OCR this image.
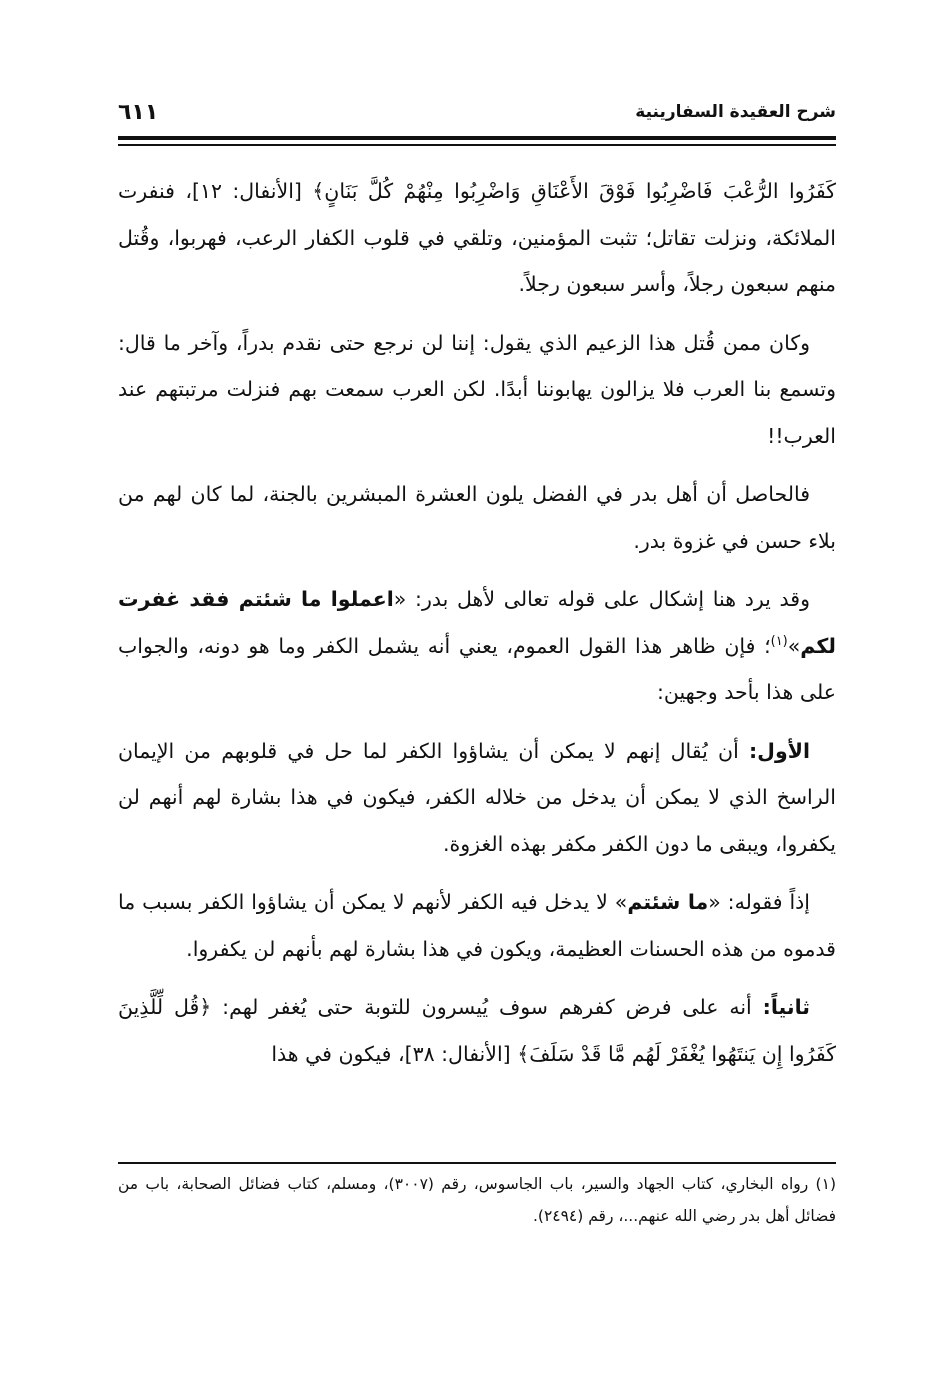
شرح العقيدة السفارينية
٦١١

كَفَرُوا الرُّعْبَ فَاضْرِبُوا فَوْقَ الأَعْنَاقِ وَاضْرِبُوا مِنْهُمْ كُلَّ بَنَانٍ﴾ [الأنفال: ١٢]، فنفرت الملائكة، ونزلت تقاتل؛ تثبت المؤمنين، وتلقي في قلوب الكفار الرعب، فهربوا، وقُتل منهم سبعون رجلاً، وأسر سبعون رجلاً.

وكان ممن قُتل هذا الزعيم الذي يقول: إننا لن نرجع حتى نقدم بدراً، وآخر ما قال: وتسمع بنا العرب فلا يزالون يهابوننا أبدًا. لكن العرب سمعت بهم فنزلت مرتبتهم عند العرب!!

فالحاصل أن أهل بدر في الفضل يلون العشرة المبشرين بالجنة، لما كان لهم من بلاء حسن في غزوة بدر.

وقد يرد هنا إشكال على قوله تعالى لأهل بدر: «اعملوا ما شئتم فقد غفرت لكم»$^{(١)}$؛ فإن ظاهر هذا القول العموم، يعني أنه يشمل الكفر وما هو دونه، والجواب على هذا بأحد وجهين:

الأول: أن يُقال إنهم لا يمكن أن يشاؤوا الكفر لما حل في قلوبهم من الإيمان الراسخ الذي لا يمكن أن يدخل من خلاله الكفر، فيكون في هذا بشارة لهم أنهم لن يكفروا، ويبقى ما دون الكفر مكفر بهذه الغزوة.

إذاً فقوله: «ما شئتم» لا يدخل فيه الكفر لأنهم لا يمكن أن يشاؤوا الكفر بسبب ما قدموه من هذه الحسنات العظيمة، ويكون في هذا بشارة لهم بأنهم لن يكفروا.

ثانياً: أنه على فرض كفرهم سوف يُيسرون للتوبة حتى يُغفر لهم: ﴿قُل لِّلَّذِينَ كَفَرُوا إِن يَنتَهُوا يُغْفَرْ لَهُم مَّا قَدْ سَلَفَ﴾ [الأنفال: ٣٨]، فيكون في هذا

(١) رواه البخاري، كتاب الجهاد والسير، باب الجاسوس، رقم (٣٠٠٧)، ومسلم، كتاب فضائل الصحابة، باب من فضائل أهل بدر رضي الله عنهم...، رقم (٢٤٩٤).
